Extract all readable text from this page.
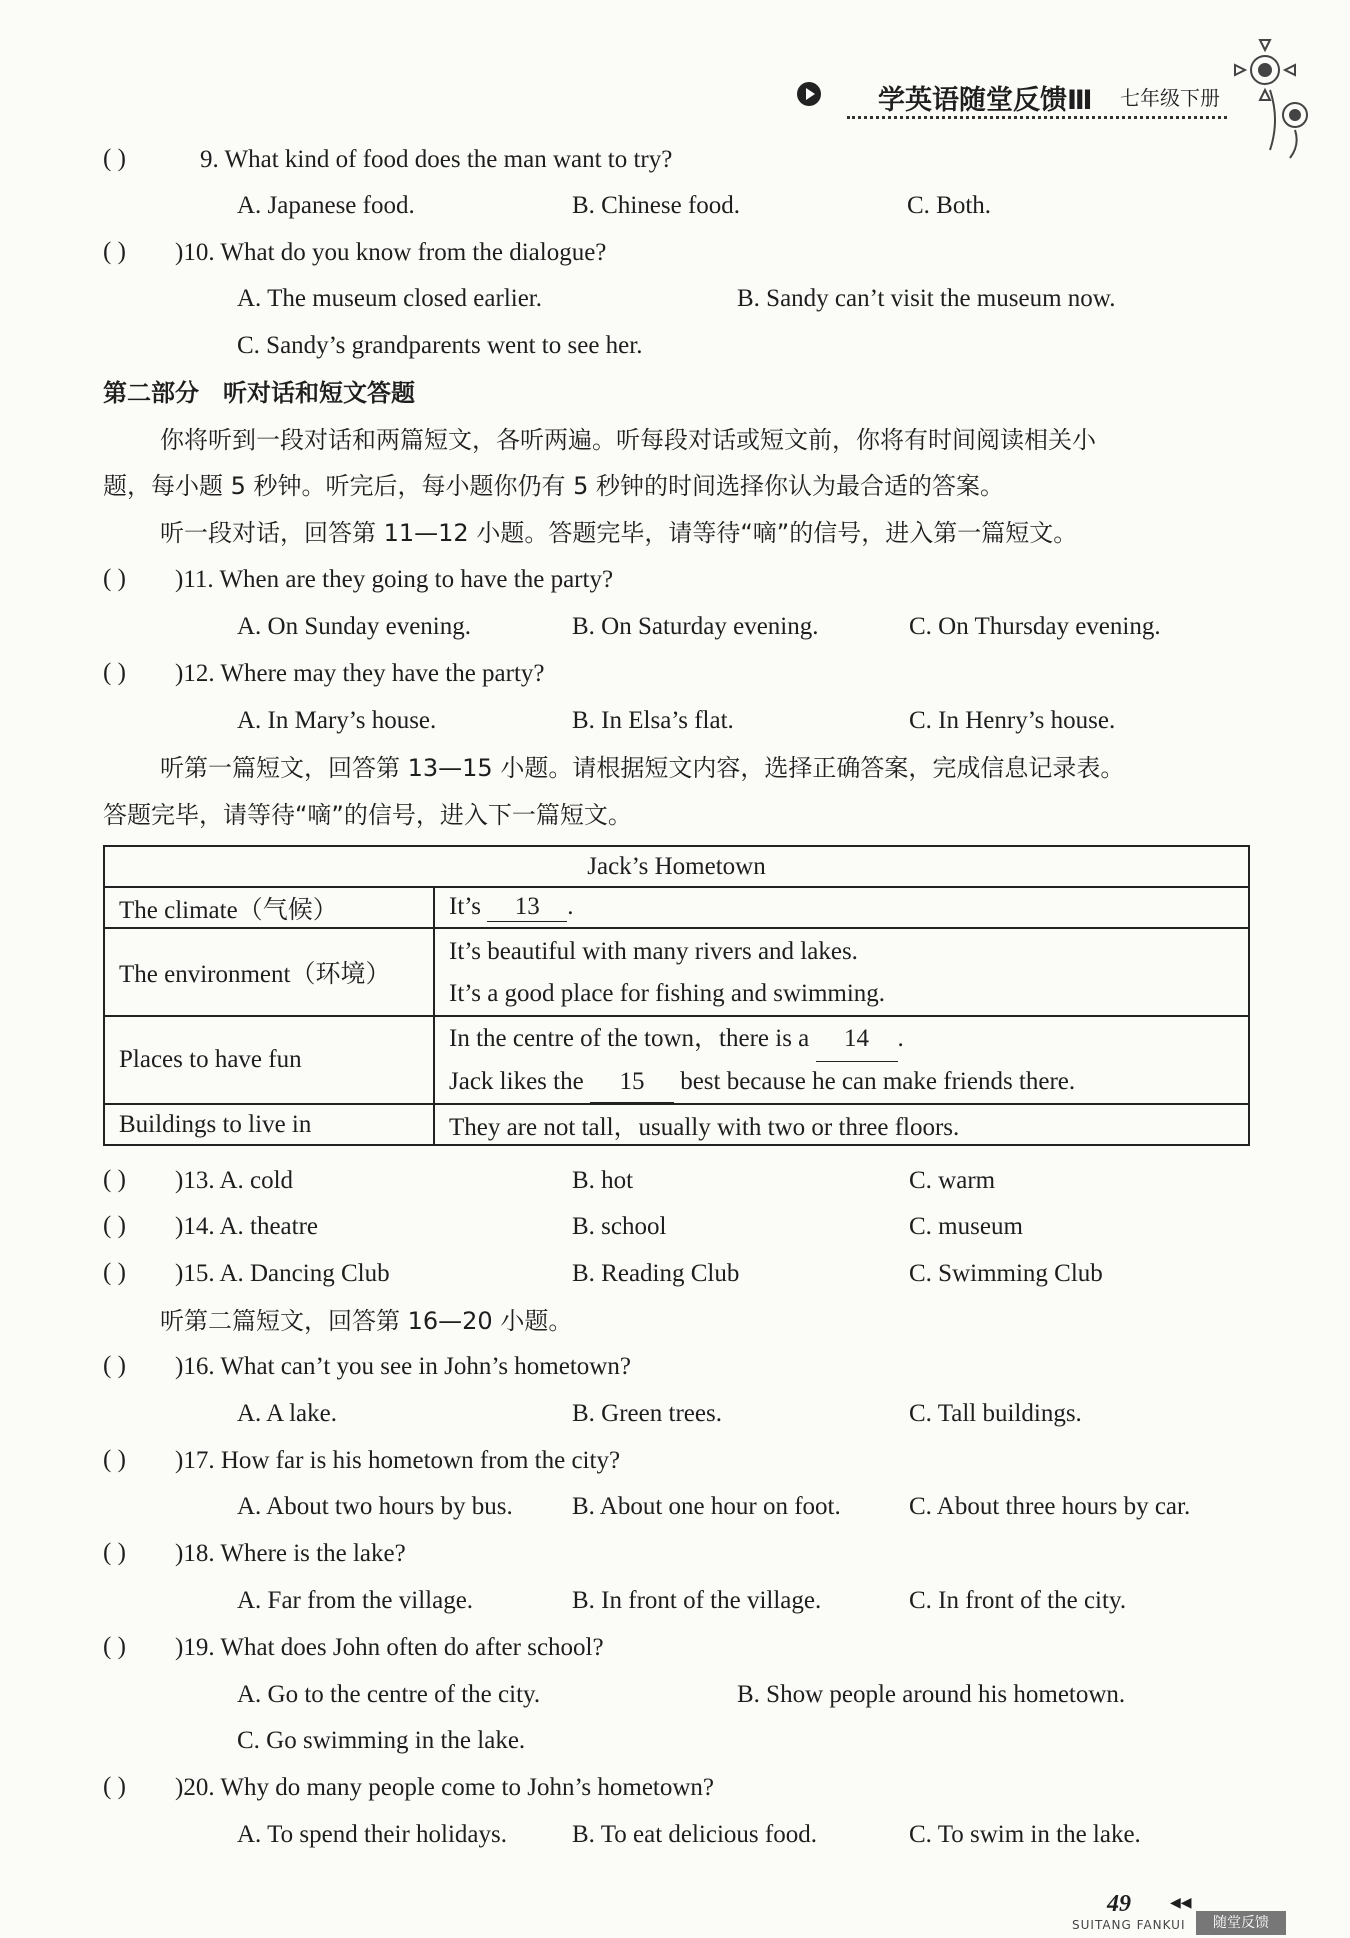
学英语随堂反馈Ⅲ 七年级下册
( )	9. What kind of food does the man want to try?
A. Japanese food.	B. Chinese food.	C. Both.
( ) )10. What do you know from the dialogue?
A. The museum closed earlier.	B. Sandy can’t visit the museum now.
C. Sandy’s grandparents went to see her.
第二部分　听对话和短文答题
你将听到一段对话和两篇短文，各听两遍。听每段对话或短文前，你将有时间阅读相关小
题，每小题 5 秒钟。听完后，每小题你仍有 5 秒钟的时间选择你认为最合适的答案。
听一段对话，回答第 11—12 小题。答题完毕，请等待“嘀”的信号，进入第一篇短文。
( ) )11. When are they going to have the party?
A. On Sunday evening.	B. On Saturday evening.	C. On Thursday evening.
( ) )12. Where may they have the party?
A. In Mary’s house.	B. In Elsa’s flat.	C. In Henry’s house.
听第一篇短文，回答第 13—15 小题。请根据短文内容，选择正确答案，完成信息记录表。
答题完毕，请等待“嘀”的信号，进入下一篇短文。
Jack’s Hometown	
The climate（气候）	It’s 13 .
The environment（环境）	It’s beautiful with many rivers and lakes.
It’s a good place for fishing and swimming.

Places to have fun	In the centre of the town，there is a 14 .
Jack likes the 15 best because he can make friends there.

Buildings to live in	They are not tall，usually with two or three floors.
( ) )13. A. cold	B. hot	C. warm
( ) )14. A. theatre	B. school	C. museum
( ) )15. A. Dancing Club	B. Reading Club	C. Swimming Club
听第二篇短文，回答第 16—20 小题。
( ) )16. What can’t you see in John’s hometown?
A. A lake.	B. Green trees.	C. Tall buildings.
( ) )17. How far is his hometown from the city?
A. About two hours by bus. B. About one hour on foot.	C. About three hours by car.
( ) )18. Where is the lake?
A. Far from the village.	B. In front of the village.	C. In front of the city.
( ) )19. What does John often do after school?
A. Go to the centre of the city.	B. Show people around his hometown.
C. Go swimming in the lake.
( ) )20. Why do many people come to John’s hometown?
A. To spend their holidays.	B. To eat delicious food.	C. To swim in the lake.
49	◀◀
随堂反馈
SUITANG FANKUI
